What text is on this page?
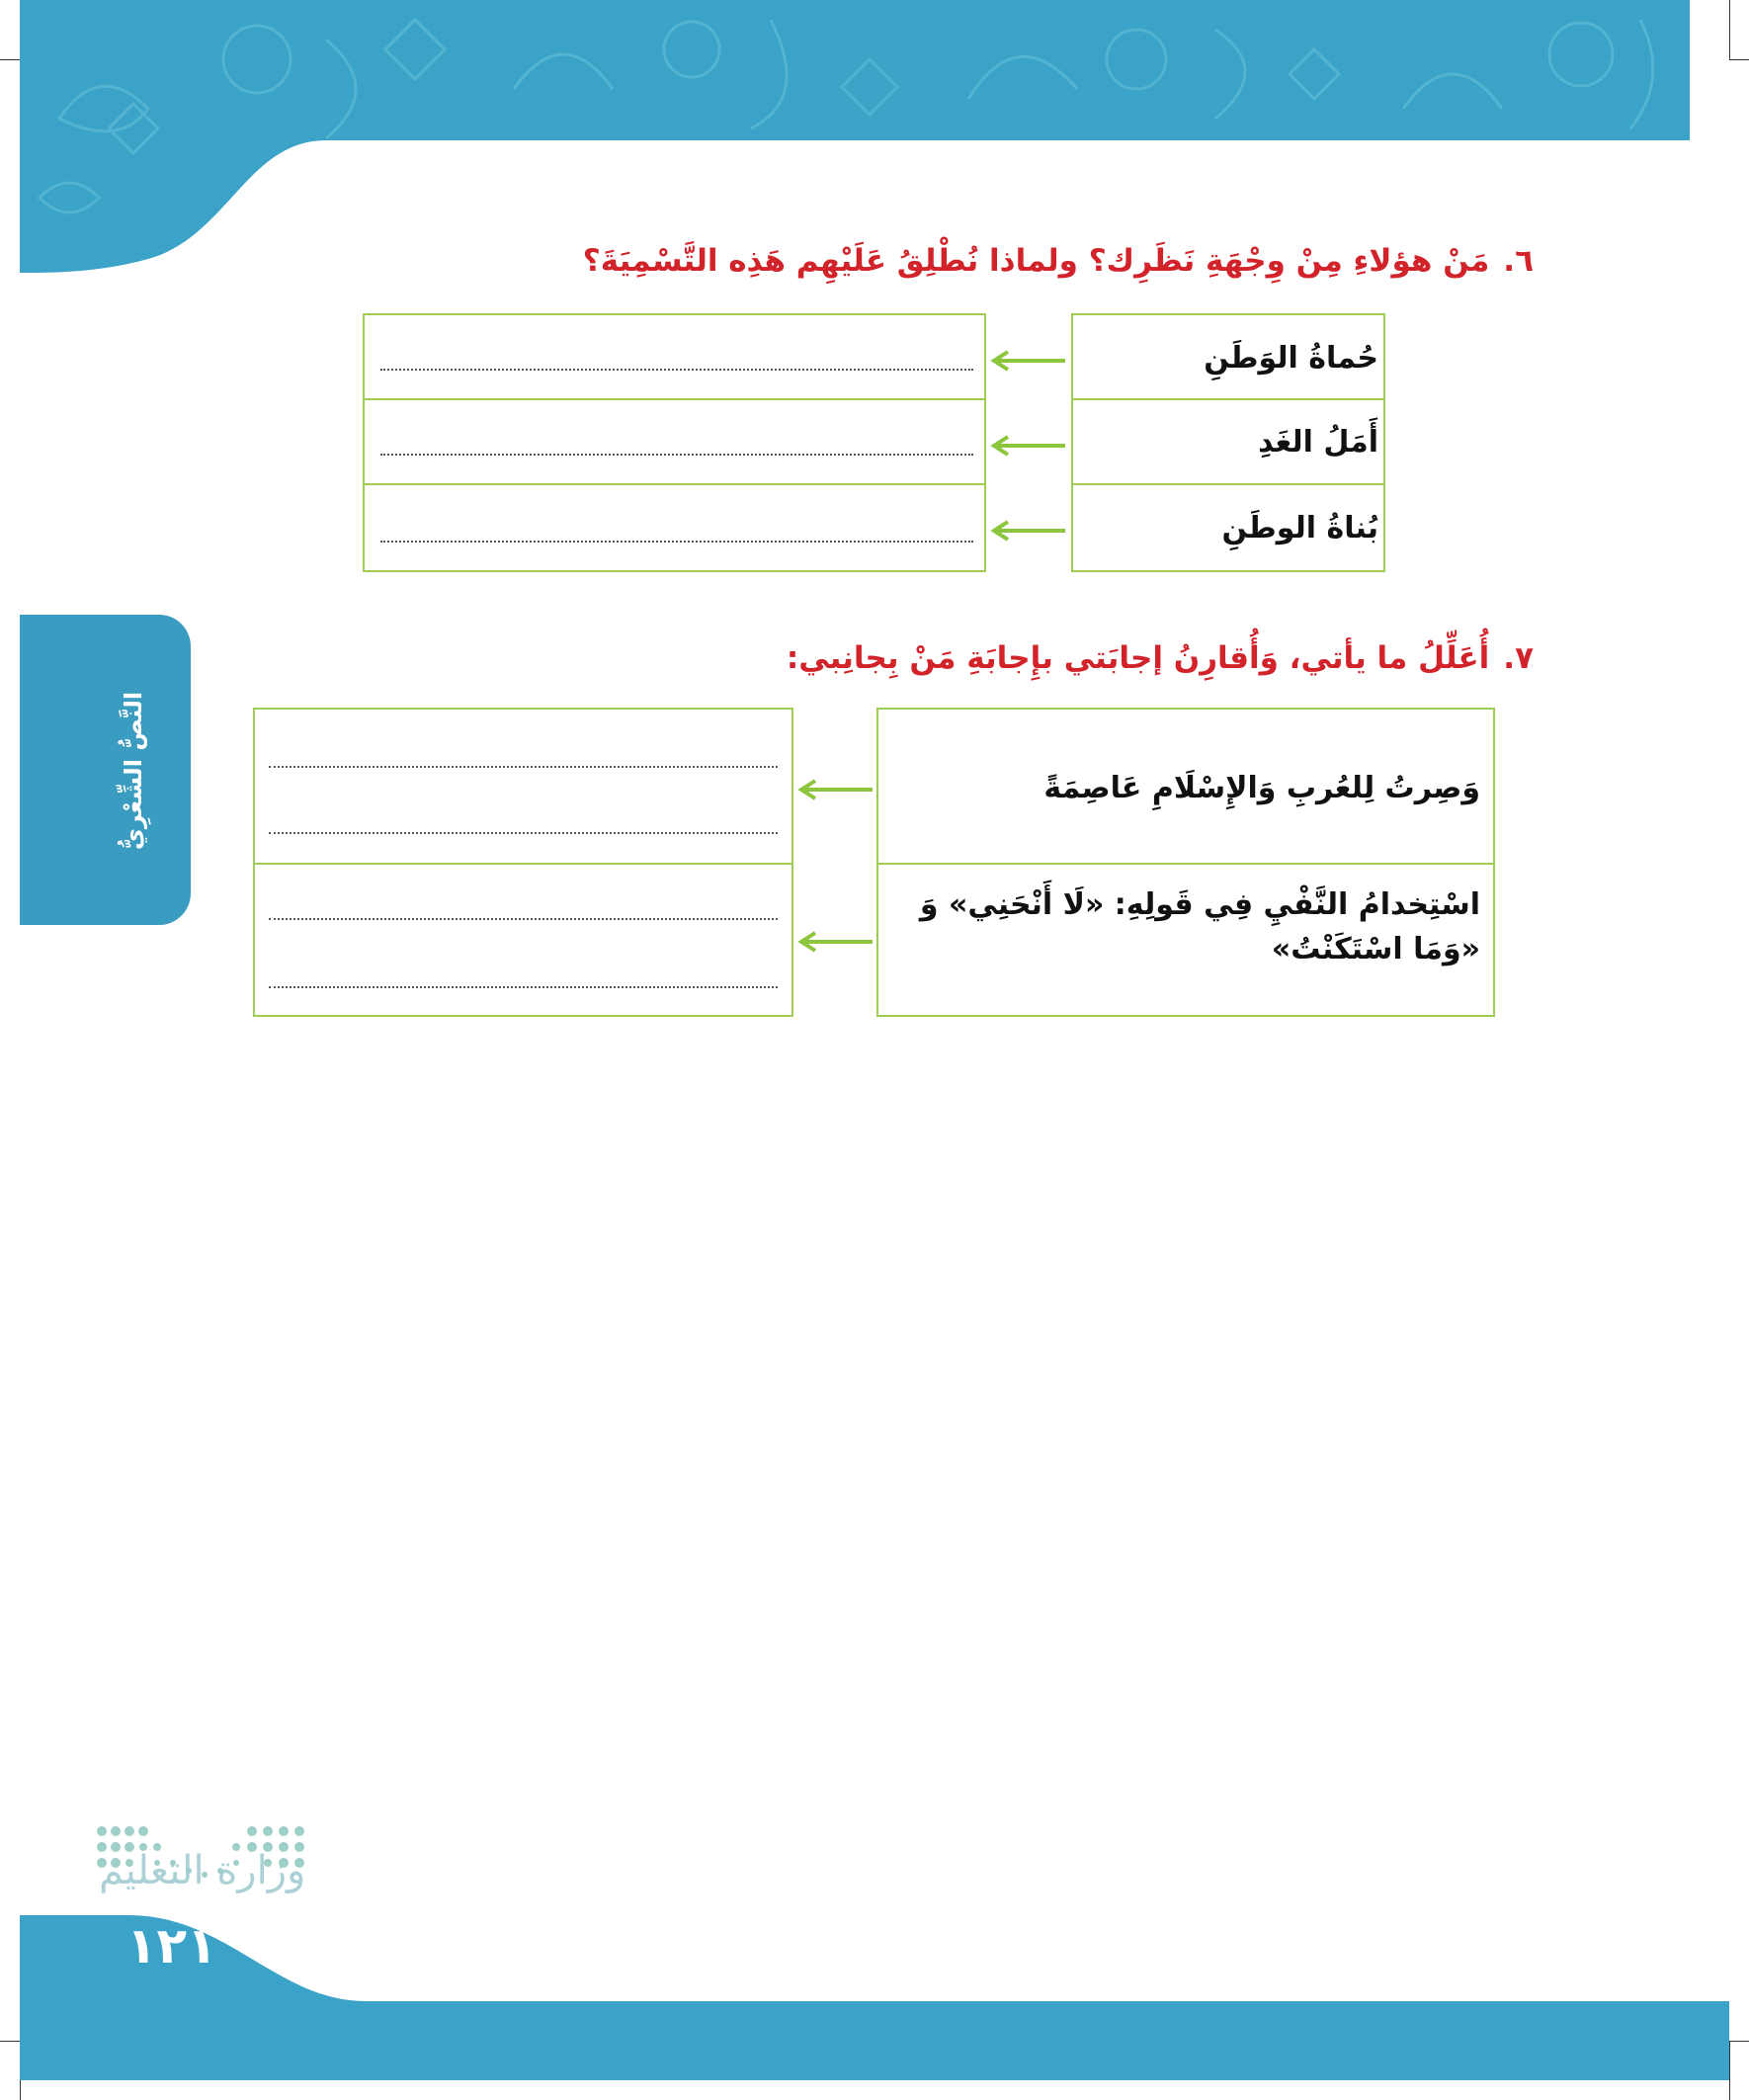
٦.مَنْ هؤلاءِ مِنْ وِجْهَةِ نَظَرِك؟ ولماذا نُطْلِقُ عَلَيْهِم هَذِه التَّسْمِيَةَ؟
حُماةُ الوَطَنِ
أَمَلُ الغَدِ
بُناةُ الوطَنِ
النَّصُّ الشِّعْرِيُّ
٧.أُعَلِّلُ ما يأتي، وَأُقارِنُ إجابَتي بإِجابَةِ مَنْ بِجانِبي:
وَصِرتُ لِلعُربِ وَالإِسْلَامِ عَاصِمَةً
اسْتِخدامُ النَّفْيِ فِي قَولِهِ: «لَا أَنْحَنِي» وَ «وَمَا اسْتَكَنْتُ»
وزارة التعليم
١٢١
